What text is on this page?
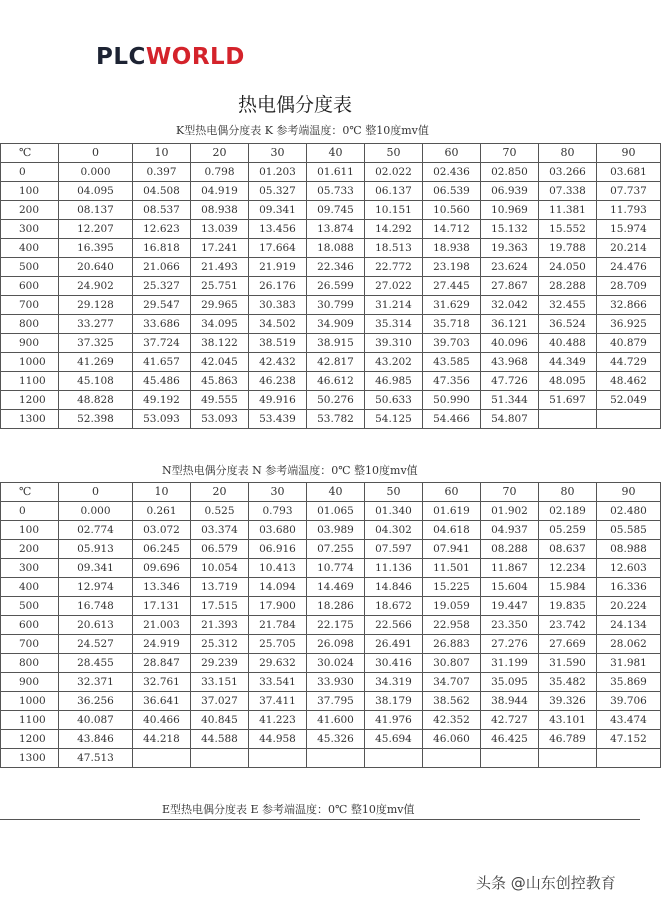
PLCWORLD
热电偶分度表
K型热电偶分度表 K 参考端温度：0℃ 整10度mv值
℃	0	10	20	30	40	50	60	70	80	90
0	0.000	0.397	0.798	01.203	01.611	02.022	02.436	02.850	03.266	03.681
100	04.095	04.508	04.919	05.327	05.733	06.137	06.539	06.939	07.338	07.737
200	08.137	08.537	08.938	09.341	09.745	10.151	10.560	10.969	11.381	11.793
300	12.207	12.623	13.039	13.456	13.874	14.292	14.712	15.132	15.552	15.974
400	16.395	16.818	17.241	17.664	18.088	18.513	18.938	19.363	19.788	20.214
500	20.640	21.066	21.493	21.919	22.346	22.772	23.198	23.624	24.050	24.476
600	24.902	25.327	25.751	26.176	26.599	27.022	27.445	27.867	28.288	28.709
700	29.128	29.547	29.965	30.383	30.799	31.214	31.629	32.042	32.455	32.866
800	33.277	33.686	34.095	34.502	34.909	35.314	35.718	36.121	36.524	36.925
900	37.325	37.724	38.122	38.519	38.915	39.310	39.703	40.096	40.488	40.879
1000	41.269	41.657	42.045	42.432	42.817	43.202	43.585	43.968	44.349	44.729
1100	45.108	45.486	45.863	46.238	46.612	46.985	47.356	47.726	48.095	48.462
1200	48.828	49.192	49.555	49.916	50.276	50.633	50.990	51.344	51.697	52.049
1300	52.398	53.093	53.093	53.439	53.782	54.125	54.466	54.807		
N型热电偶分度表 N 参考端温度：0℃ 整10度mv值
℃	0	10	20	30	40	50	60	70	80	90
0	0.000	0.261	0.525	0.793	01.065	01.340	01.619	01.902	02.189	02.480
100	02.774	03.072	03.374	03.680	03.989	04.302	04.618	04.937	05.259	05.585
200	05.913	06.245	06.579	06.916	07.255	07.597	07.941	08.288	08.637	08.988
300	09.341	09.696	10.054	10.413	10.774	11.136	11.501	11.867	12.234	12.603
400	12.974	13.346	13.719	14.094	14.469	14.846	15.225	15.604	15.984	16.336
500	16.748	17.131	17.515	17.900	18.286	18.672	19.059	19.447	19.835	20.224
600	20.613	21.003	21.393	21.784	22.175	22.566	22.958	23.350	23.742	24.134
700	24.527	24.919	25.312	25.705	26.098	26.491	26.883	27.276	27.669	28.062
800	28.455	28.847	29.239	29.632	30.024	30.416	30.807	31.199	31.590	31.981
900	32.371	32.761	33.151	33.541	33.930	34.319	34.707	35.095	35.482	35.869
1000	36.256	36.641	37.027	37.411	37.795	38.179	38.562	38.944	39.326	39.706
1100	40.087	40.466	40.845	41.223	41.600	41.976	42.352	42.727	43.101	43.474
1200	43.846	44.218	44.588	44.958	45.326	45.694	46.060	46.425	46.789	47.152
1300	47.513									
E型热电偶分度表 E 参考端温度：0℃ 整10度mv值
头条 @山东创控教育
